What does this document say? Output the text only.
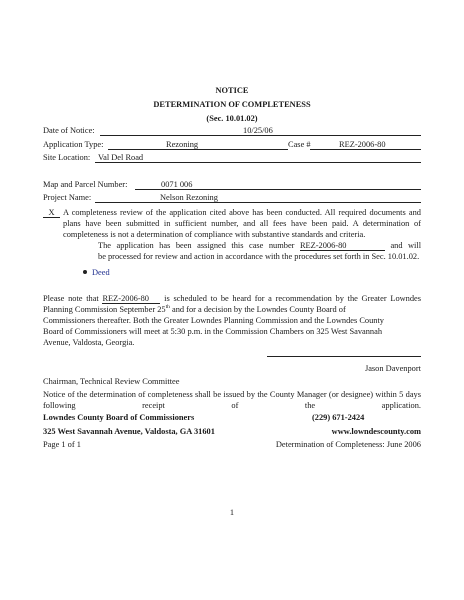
NOTICE
DETERMINATION OF COMPLETENESS
(Sec. 10.01.02)
Date of Notice:	10/25/06
Application Type:	Rezoning	Case #	REZ-2006-80
Site Location: Val Del Road
Map and Parcel Number:	0071 006
Project Name:	Nelson Rezoning
X	A completeness review of the application cited above has been conducted. All required documents and plans have been submitted in sufficient number, and all fees have been paid. A determination of completeness is not a determination of compliance with substantive standards and criteria.
The application has been assigned this case number REZ-2006-80	and will
be processed for review and action in accordance with the procedures set forth in Sec. 10.01.02.
Deed
Please note that REZ-2006-80 is scheduled to be heard for a recommendation by the Greater Lowndes
Planning Commission September 25th and for a decision by the Lowndes County Board of
Commissioners thereafter. Both the Greater Lowndes Planning Commission and the Lowndes County Board of Commissioners will meet at 5:30 p.m. in the Commission Chambers on 325 West Savannah Avenue, Valdosta, Georgia.
Jason Davenport
Chairman, Technical Review Committee
Notice of the determination of completeness shall be issued by the County Manager (or designee) within 5 days following receipt of the application.
Lowndes County Board of Commissioners	(229) 671-2424
325 West Savannah Avenue, Valdosta, GA 31601	www.lowndescounty.com
Page 1 of 1	Determination of Completeness: June 2006
1
